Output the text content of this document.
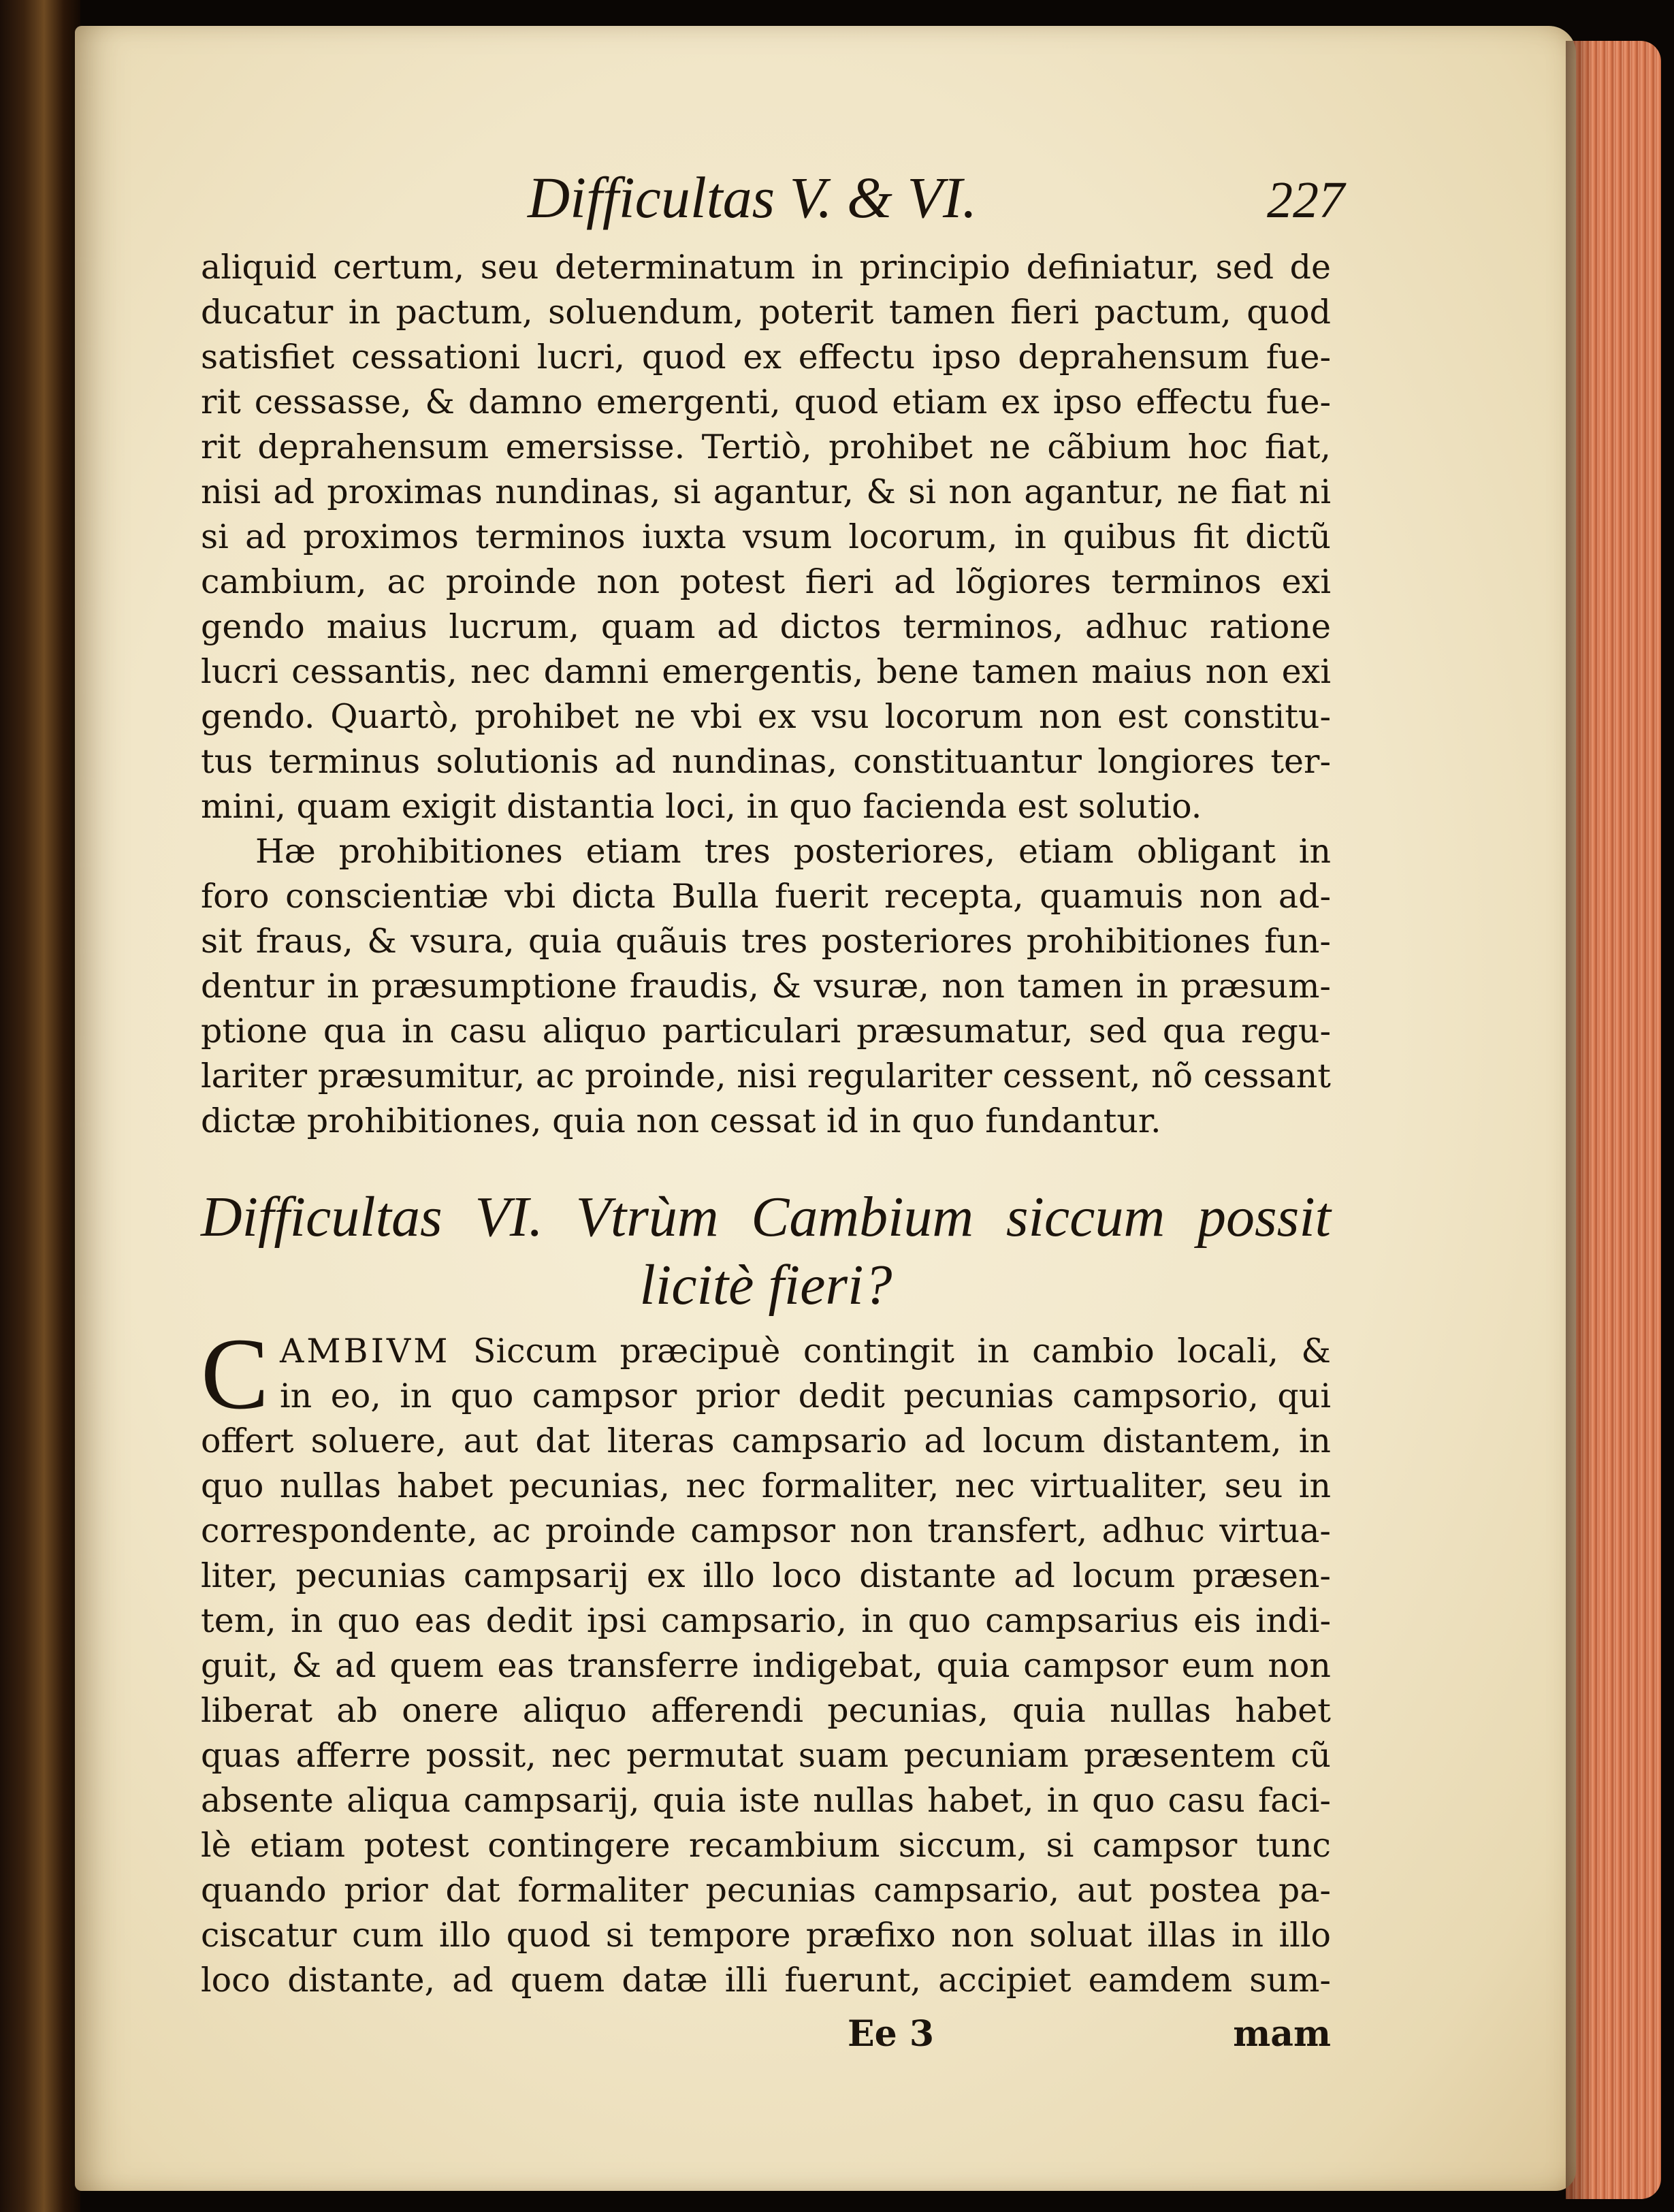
Difficultas V. & VI.	227
aliquid certum, seu determinatum in principio definiatur, sed de
ducatur in pactum, soluendum, poterit tamen fieri pactum, quod
satisfiet cessationi lucri, quod ex effectu ipso deprahensum fue-
rit cessasse, & damno emergenti, quod etiam ex ipso effectu fue-
rit deprahensum emersisse. Tertiò, prohibet ne cãbium hoc fiat,
nisi ad proximas nundinas, si agantur, & si non agantur, ne fiat ni
si ad proximos terminos iuxta vsum locorum, in quibus fit dictũ
cambium, ac proinde non potest fieri ad lõgiores terminos exi
gendo maius lucrum, quam ad dictos terminos, adhuc ratione
lucri cessantis, nec damni emergentis, bene tamen maius non exi
gendo. Quartò, prohibet ne vbi ex vsu locorum non est constitu-
tus terminus solutionis ad nundinas, constituantur longiores ter-
mini, quam exigit distantia loci, in quo facienda est solutio.
Hæ prohibitiones etiam tres posteriores, etiam obligant in
foro conscientiæ vbi dicta Bulla fuerit recepta, quamuis non ad-
sit fraus, & vsura, quia quãuis tres posteriores prohibitiones fun-
dentur in præsumptione fraudis, & vsuræ, non tamen in præsum-
ptione qua in casu aliquo particulari præsumatur, sed qua regu-
lariter præsumitur, ac proinde, nisi regulariter cessent, nõ cessant
dictæ prohibitiones, quia non cessat id in quo fundantur.
Difficultas VI. Vtrùm Cambium siccum possit
licitè fieri?
C AMBIVM Siccum præcipuè contingit in cambio locali, &
in eo, in quo campsor prior dedit pecunias campsorio, qui
offert soluere, aut dat literas campsario ad locum distantem, in
quo nullas habet pecunias, nec formaliter, nec virtualiter, seu in
correspondente, ac proinde campsor non transfert, adhuc virtua-
liter, pecunias campsarij ex illo loco distante ad locum præsen-
tem, in quo eas dedit ipsi campsario, in quo campsarius eis indi-
guit, & ad quem eas transferre indigebat, quia campsor eum non
liberat ab onere aliquo afferendi pecunias, quia nullas habet
quas afferre possit, nec permutat suam pecuniam præsentem cũ
absente aliqua campsarij, quia iste nullas habet, in quo casu faci-
lè etiam potest contingere recambium siccum, si campsor tunc
quando prior dat formaliter pecunias campsario, aut postea pa-
ciscatur cum illo quod si tempore præfixo non soluat illas in illo
loco distante, ad quem datæ illi fuerunt, accipiet eamdem sum-
Ee 3	mam
